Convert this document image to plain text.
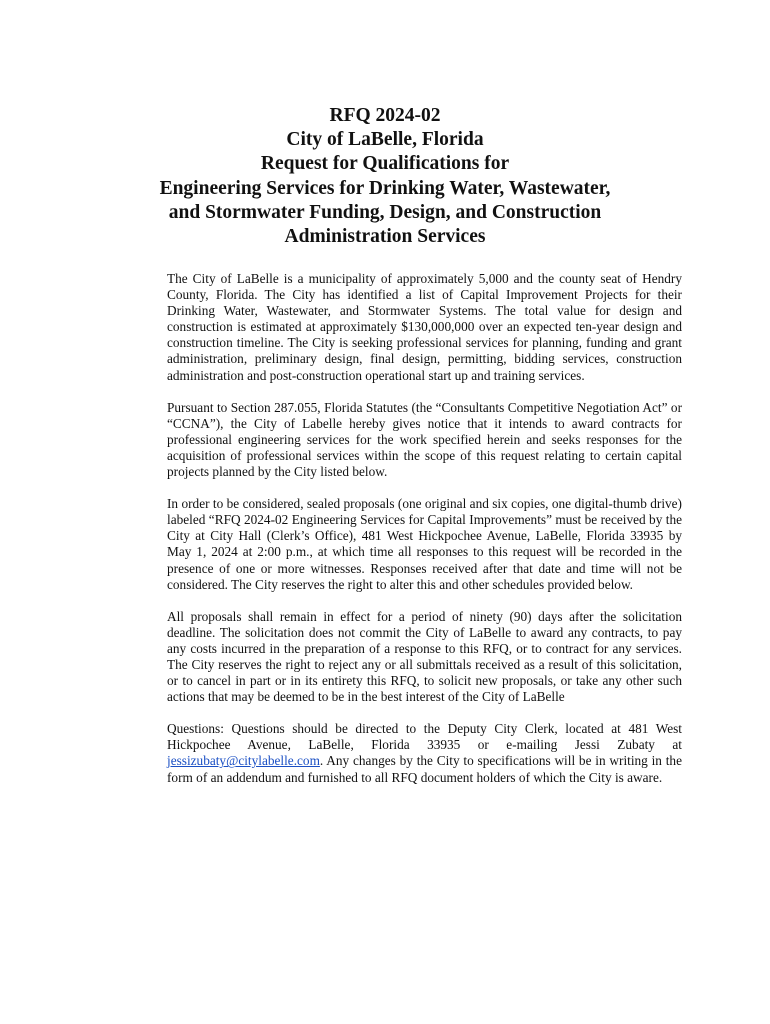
RFQ 2024-02
City of LaBelle, Florida
Request for Qualifications for
Engineering Services for Drinking Water, Wastewater,
and Stormwater Funding, Design, and Construction
Administration Services

The City of LaBelle is a municipality of approximately 5,000 and the county seat of Hendry County, Florida. The City has identified a list of Capital Improvement Projects for their Drinking Water, Wastewater, and Stormwater Systems. The total value for design and construction is estimated at approximately $130,000,000 over an expected ten-year design and construction timeline. The City is seeking professional services for planning, funding and grant administration, preliminary design, final design, permitting, bidding services, construction administration and post-construction operational start up and training services.

Pursuant to Section 287.055, Florida Statutes (the “Consultants Competitive Negotiation Act” or “CCNA”), the City of Labelle hereby gives notice that it intends to award contracts for professional engineering services for the work specified herein and seeks responses for the acquisition of professional services within the scope of this request relating to certain capital projects planned by the City listed below.

In order to be considered, sealed proposals (one original and six copies, one digital-thumb drive) labeled “RFQ 2024-02 Engineering Services for Capital Improvements” must be received by the City at City Hall (Clerk’s Office), 481 West Hickpochee Avenue, LaBelle, Florida 33935 by May 1, 2024 at 2:00 p.m., at which time all responses to this request will be recorded in the presence of one or more witnesses. Responses received after that date and time will not be considered. The City reserves the right to alter this and other schedules provided below.

All proposals shall remain in effect for a period of ninety (90) days after the solicitation deadline. The solicitation does not commit the City of LaBelle to award any contracts, to pay any costs incurred in the preparation of a response to this RFQ, or to contract for any services. The City reserves the right to reject any or all submittals received as a result of this solicitation, or to cancel in part or in its entirety this RFQ, to solicit new proposals, or take any other such actions that may be deemed to be in the best interest of the City of LaBelle

Questions: Questions should be directed to the Deputy City Clerk, located at 481 West Hickpochee Avenue, LaBelle, Florida 33935 or e-mailing Jessi Zubaty at jessizubaty@citylabelle.com. Any changes by the City to specifications will be in writing in the form of an addendum and furnished to all RFQ document holders of which the City is aware.
